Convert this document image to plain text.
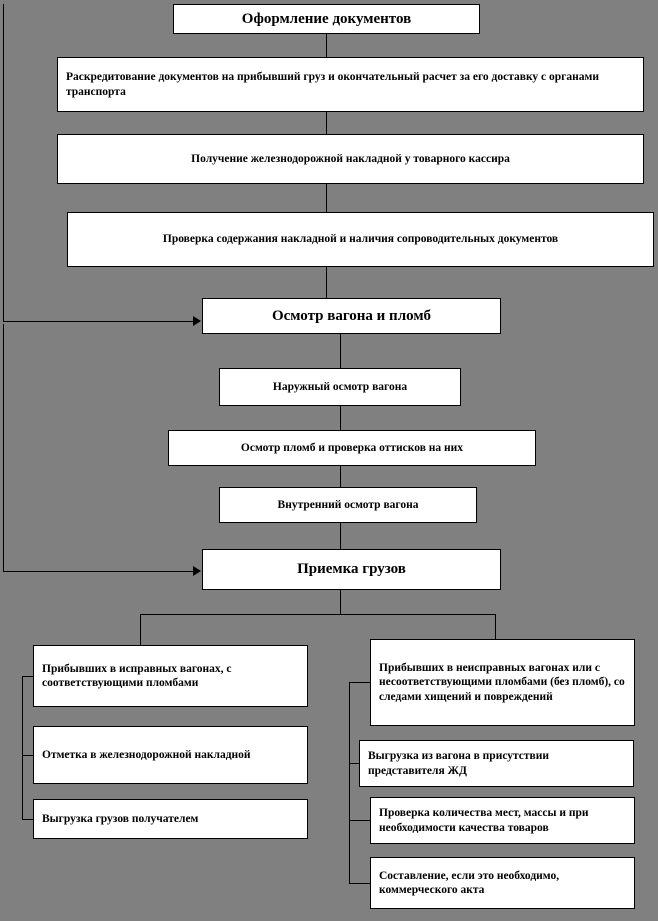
Оформление документов
Раскредитование документов на прибывший груз и окончательный расчет за его доставку с органами транспорта
Получение железнодорожной накладной у товарного кассира
Проверка содержания накладной и наличия сопроводительных документов
Осмотр вагона и пломб
Наружный осмотр вагона
Осмотр пломб и проверка оттисков на них
Внутренний осмотр вагона
Приемка грузов
Прибывших в исправных вагонах, с соответствующими пломбами
Отметка в железнодорожной накладной
Выгрузка грузов получателем
Прибывших в неисправных вагонах или с несоответствующими пломбами (без пломб), со следами хищений и повреждений
Выгрузка из вагона в присутствии представителя ЖД
Проверка количества мест, массы и при необходимости качества товаров
Составление, если это необходимо, коммерческого акта
